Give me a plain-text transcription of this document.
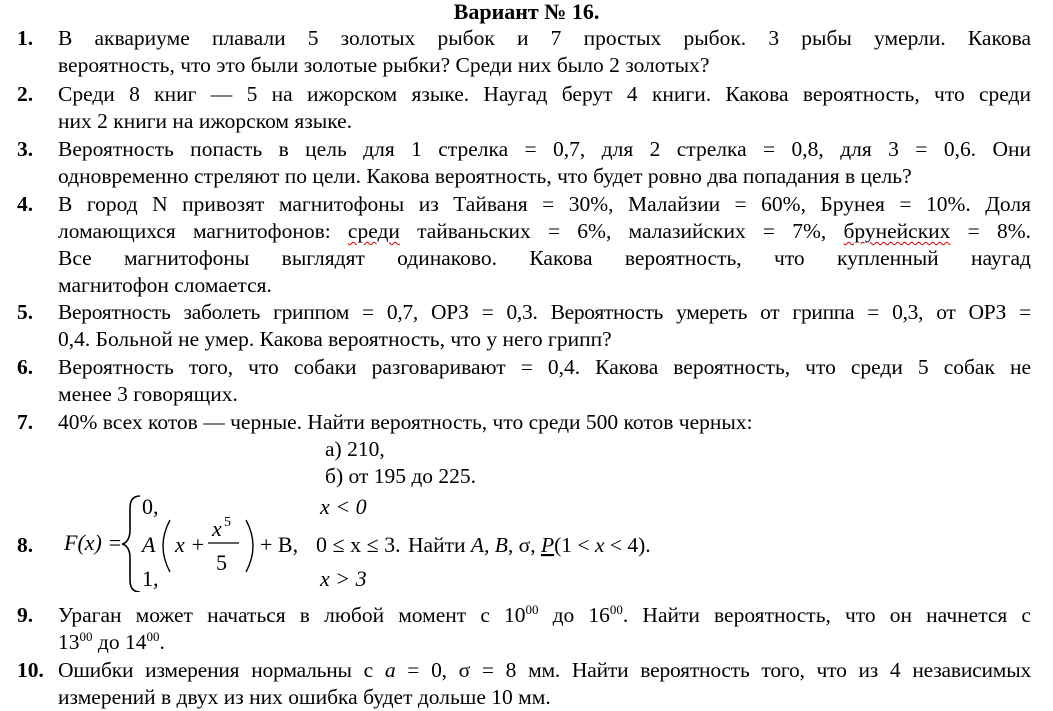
Вариант № 16.
1. В аквариуме плавали 5 золотых рыбок и 7 простых рыбок. 3 рыбы умерли. Какова
вероятность, что это были золотые рыбки? Среди них было 2 золотых?
2. Среди 8 книг — 5 на ижорском языке. Наугад берут 4 книги. Какова вероятность, что среди
них 2 книги на ижорском языке.
3. Вероятность попасть в цель для 1 стрелка = 0,7, для 2 стрелка = 0,8, для 3 = 0,6. Они
одновременно стреляют по цели. Какова вероятность, что будет ровно два попадания в цель?
4. В город N привозят магнитофоны из Тайваня = 30%, Малайзии = 60%, Брунея = 10%. Доля
ломающихся магнитофонов: среди тайваньских = 6%, малазийских = 7%, брунейских = 8%.
Все магнитофоны выглядят одинаково. Какова вероятность, что купленный наугад
магнитофон сломается.
5. Вероятность заболеть гриппом = 0,7, ОРЗ = 0,3. Вероятность умереть от гриппа = 0,3, от ОРЗ =
0,4. Больной не умер. Какова вероятность, что у него грипп?
6. Вероятность того, что собаки разговаривают = 0,4. Какова вероятность, что среди 5 собак не
менее 3 говорящих.
7. 40% всех котов — черные. Найти вероятность, что среди 500 котов черных:
а) 210,
б) от 195 до 225.
8. F(x) =
0,	x < 0
A x +
x 5
5
+ B, 0 ≤ x ≤ 3.
1,	x > 3
Найти A, B, σ, P(1 < x < 4).
9. Ураган может начаться в любой момент с $10^{00}$ до $16^{00}$. Найти вероятность, что он начнется с
$13^{00}$ до $14^{00}$.
10. Ошибки измерения нормальны с a = 0, σ = 8 мм. Найти вероятность того, что из 4 независимых
измерений в двух из них ошибка будет дольше 10 мм.
